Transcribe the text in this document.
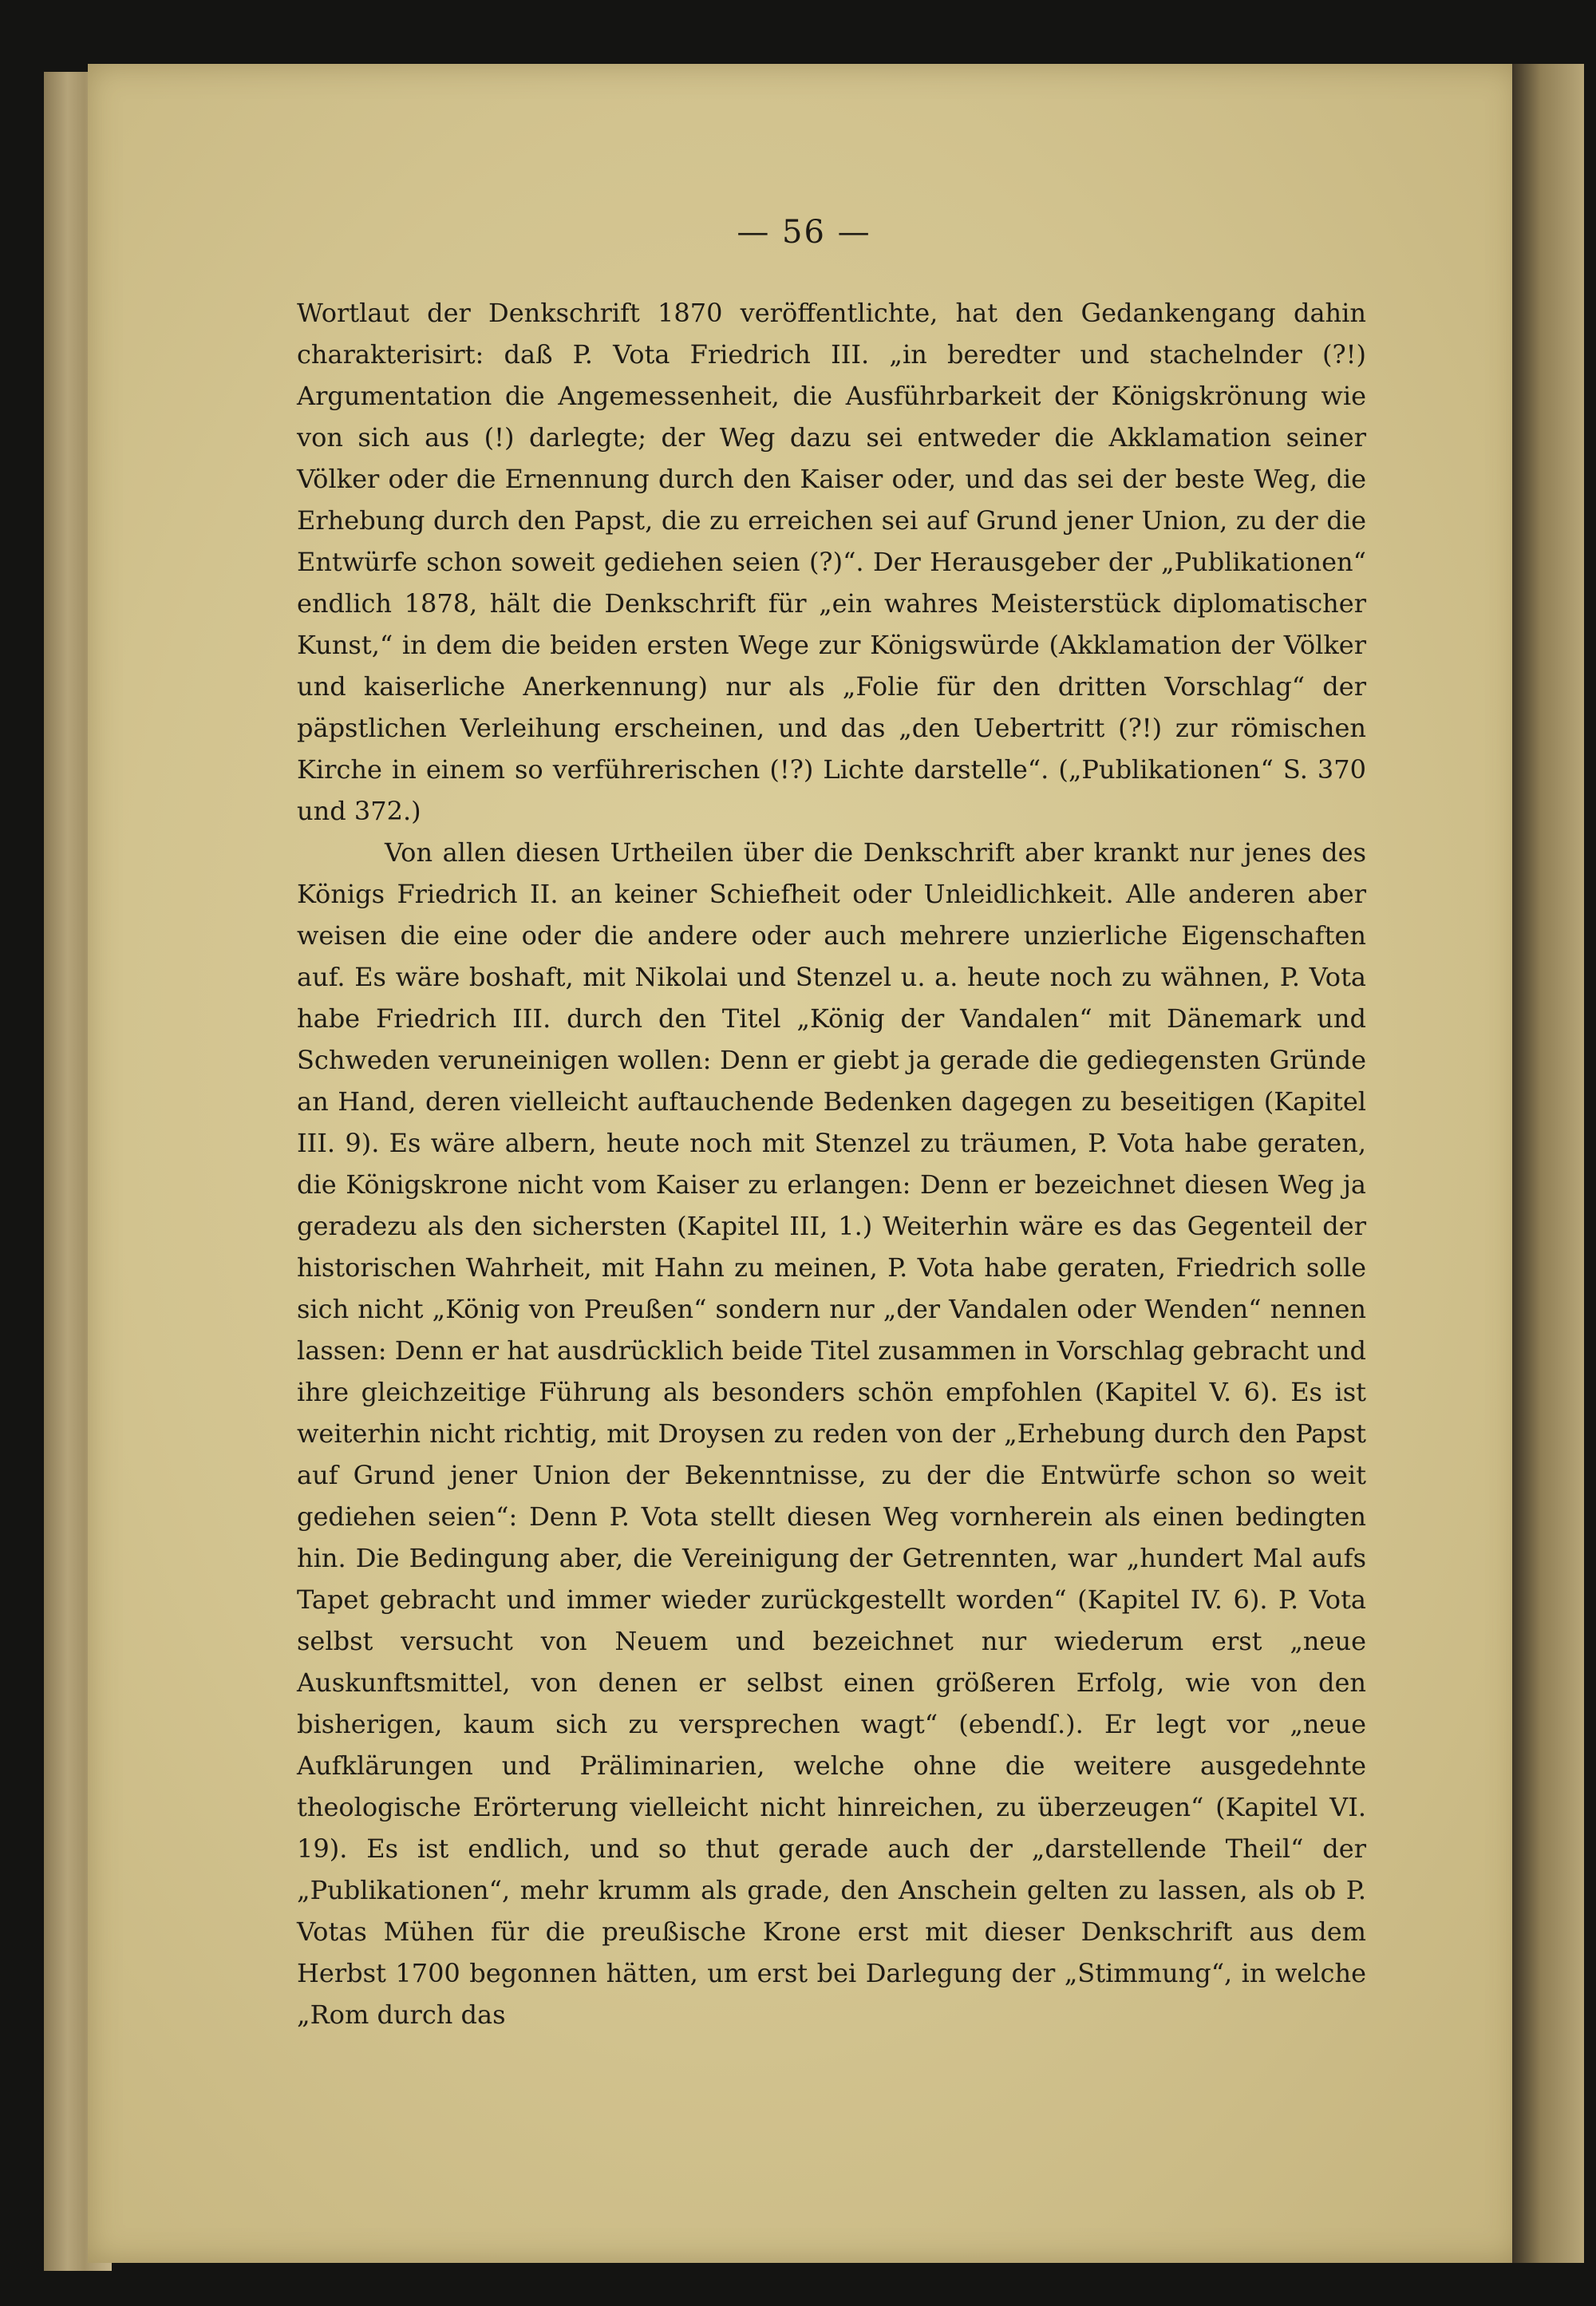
— 56 —

Wortlaut der Denkschrift 1870 veröffentlichte, hat den Gedankengang dahin charakterisirt: daß P. Vota Friedrich III. „in beredter und stachelnder (?!) Argumentation die Angemessenheit, die Ausführbarkeit der Königskrönung wie von sich aus (!) darlegte; der Weg dazu sei entweder die Akklamation seiner Völker oder die Ernennung durch den Kaiser oder, und das sei der beste Weg, die Erhebung durch den Papst, die zu erreichen sei auf Grund jener Union, zu der die Entwürfe schon soweit gediehen seien (?)“. Der Herausgeber der „Publikationen“ endlich 1878, hält die Denkschrift für „ein wahres Meisterstück diplomatischer Kunst,“ in dem die beiden ersten Wege zur Königswürde (Akklamation der Völker und kaiserliche Anerkennung) nur als „Folie für den dritten Vorschlag“ der päpstlichen Verleihung erscheinen, und das „den Uebertritt (?!) zur römischen Kirche in einem so verführerischen (!?) Lichte darstelle“. („Publikationen“ S. 370 und 372.)

Von allen diesen Urtheilen über die Denkschrift aber krankt nur jenes des Königs Friedrich II. an keiner Schiefheit oder Unleidlichkeit. Alle anderen aber weisen die eine oder die andere oder auch mehrere unzierliche Eigenschaften auf. Es wäre boshaft, mit Nikolai und Stenzel u. a. heute noch zu wähnen, P. Vota habe Friedrich III. durch den Titel „König der Vandalen“ mit Dänemark und Schweden veruneinigen wollen: Denn er giebt ja gerade die gediegensten Gründe an Hand, deren vielleicht auftauchende Bedenken dagegen zu beseitigen (Kapitel III. 9). Es wäre albern, heute noch mit Stenzel zu träumen, P. Vota habe geraten, die Königskrone nicht vom Kaiser zu erlangen: Denn er bezeichnet diesen Weg ja geradezu als den sichersten (Kapitel III, 1.) Weiterhin wäre es das Gegenteil der historischen Wahrheit, mit Hahn zu meinen, P. Vota habe geraten, Friedrich solle sich nicht „König von Preußen“ sondern nur „der Vandalen oder Wenden“ nennen lassen: Denn er hat ausdrücklich beide Titel zusammen in Vorschlag gebracht und ihre gleichzeitige Führung als besonders schön empfohlen (Kapitel V. 6). Es ist weiterhin nicht richtig, mit Droysen zu reden von der „Erhebung durch den Papst auf Grund jener Union der Bekenntnisse, zu der die Entwürfe schon so weit gediehen seien“: Denn P. Vota stellt diesen Weg vornherein als einen bedingten hin. Die Bedingung aber, die Vereinigung der Getrennten, war „hundert Mal aufs Tapet gebracht und immer wieder zurückgestellt worden“ (Kapitel IV. 6). P. Vota selbst versucht von Neuem und bezeichnet nur wiederum erst „neue Auskunftsmittel, von denen er selbst einen größeren Erfolg, wie von den bisherigen, kaum sich zu versprechen wagt“ (ebendſ.). Er legt vor „neue Aufklärungen und Präliminarien, welche ohne die weitere ausgedehnte theologische Erörterung vielleicht nicht hinreichen, zu überzeugen“ (Kapitel VI. 19). Es ist endlich, und so thut gerade auch der „darstellende Theil“ der „Publikationen“, mehr krumm als grade, den Anschein gelten zu lassen, als ob P. Votas Mühen für die preußische Krone erst mit dieser Denkschrift aus dem Herbst 1700 begonnen hätten, um erst bei Darlegung der „Stimmung“, in welche „Rom durch das
